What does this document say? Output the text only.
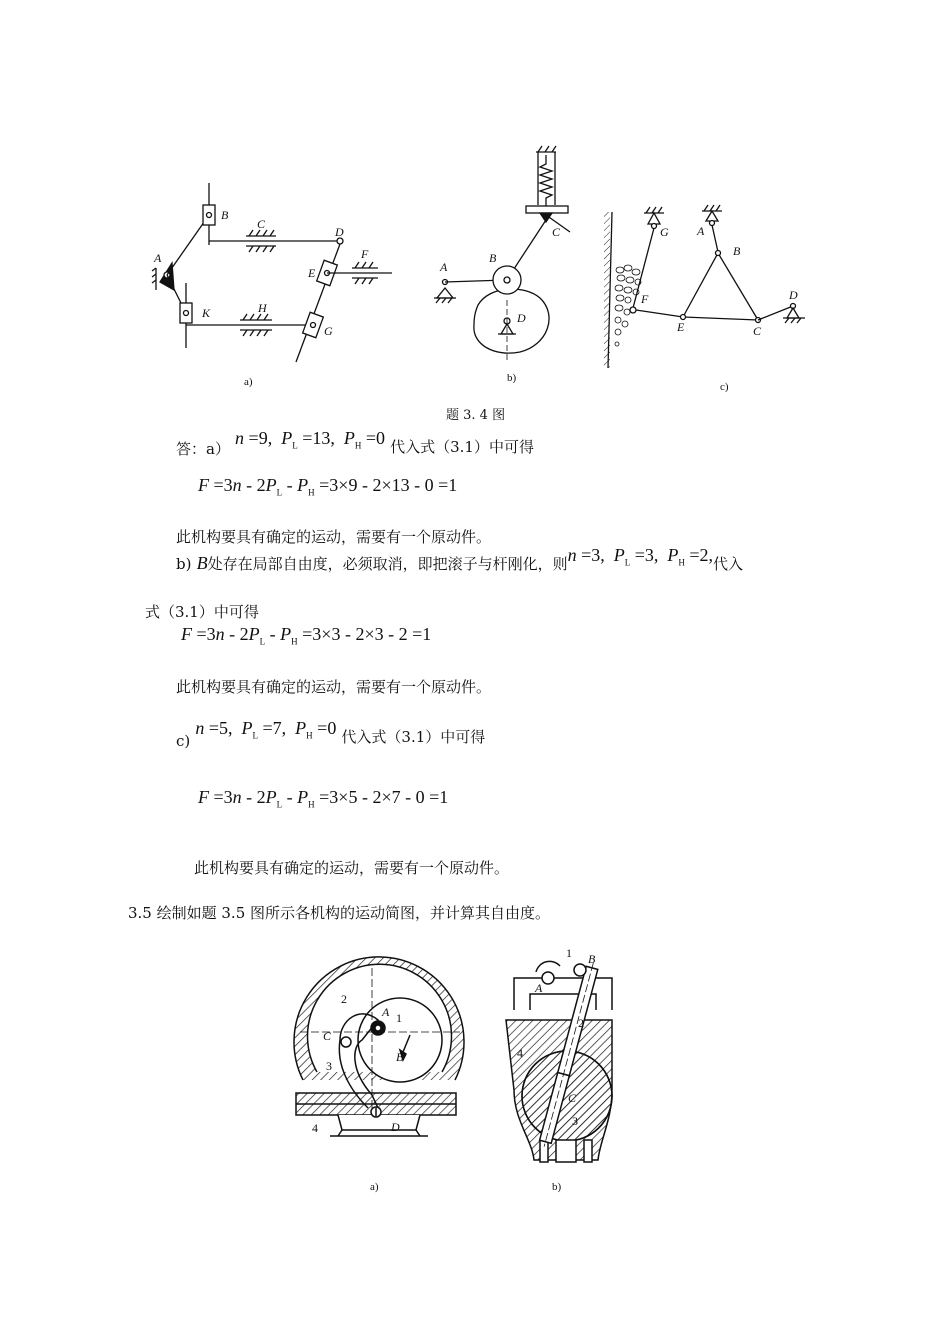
A
B
C
D
E
F
G
H
K
a)
A
B
C
D
b)
A
B
C
D
E
F
G
c)
题 3. 4 图
答：a） n =9,  $P_L =13$,  $P_H =0$ 代入式（3.1）中可得
$F =3n - 2P_L - P_H =3\times 9 - 2\times 13 - 0 =1$
此机构要具有确定的运动，需要有一个原动件。
b) B处存在局部自由度，必须取消，即把滚子与杆刚化，则n =3,  $P_L =3$,  $P_H =2$,代入
式（3.1）中可得
$F =3n - 2P_L - P_H =3\times 3 - 2\times 3 - 2 =1$
此机构要具有确定的运动，需要有一个原动件。
c) n =5,  $P_L =7$,  $P_H =0$ 代入式（3.1）中可得
$F =3n - 2P_L - P_H =3\times 5 - 2\times 7 - 0 =1$
此机构要具有确定的运动，需要有一个原动件。
3.5 绘制如题 3.5 图所示各机构的运动简图，并计算其自由度。
2
A 1
C
3
B
4	D
a)
1 B
A
2
4
C
3
b)
